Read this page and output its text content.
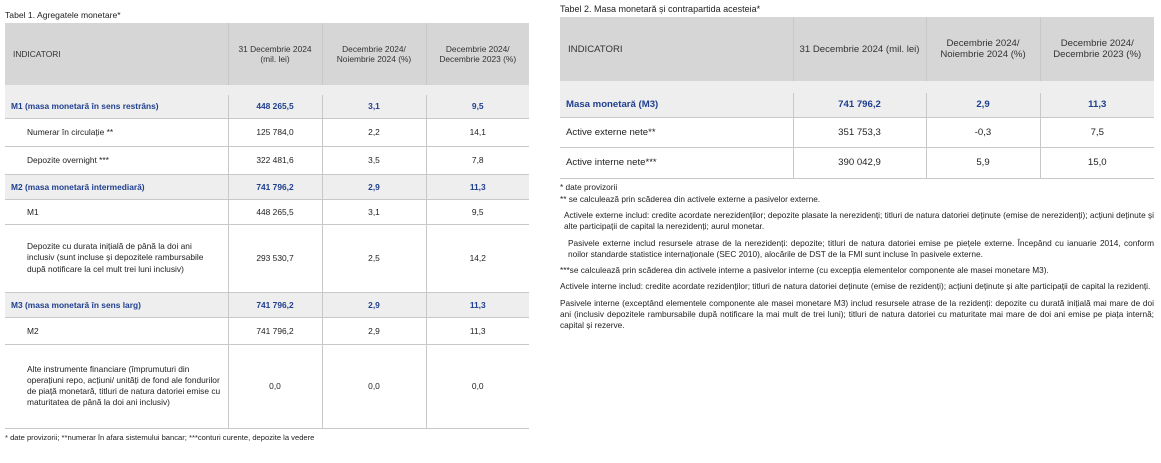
Tabel 1. Agregatele monetare*
INDICATORI	31 Decembrie 2024 (mil. lei)	Decembrie 2024/ Noiembrie 2024 (%)	Decembrie 2024/ Decembrie 2023 (%)

M1 (masa monetară în sens restrâns)	448 265,5	3,1	9,5
Numerar în circulație **	125 784,0	2,2	14,1
Depozite overnight ***	322 481,6	3,5	7,8
M2 (masa monetară intermediară)	741 796,2	2,9	11,3
M1	448 265,5	3,1	9,5
Depozite cu durata inițială de până la doi ani inclusiv (sunt incluse și depozitele rambursabile după notificare la cel mult trei luni inclusiv)	293 530,7	2,5	14,2
M3 (masa monetară în sens larg)	741 796,2	2,9	11,3
M2	741 796,2	2,9	11,3
Alte instrumente financiare (împrumuturi din operațiuni repo, acțiuni/ unități de fond ale fondurilor de piață monetară, titluri de natura datoriei emise cu maturitatea de până la doi ani inclusiv)	0,0	0,0	0,0
* date provizorii; **numerar în afara sistemului bancar; ***conturi curente, depozite la vedere
Tabel 2. Masa monetară și contrapartida acesteia*
INDICATORI	31 Decembrie 2024 (mil. lei)	Decembrie 2024/ Noiembrie 2024 (%)	Decembrie 2024/ Decembrie 2023 (%)

Masa monetară (M3)	741 796,2	2,9	11,3
Active externe nete**	351 753,3	-0,3	7,5
Active interne nete***	390 042,9	5,9	15,0

* date provizorii

** se calculează prin scăderea din activele externe a pasivelor externe.

Activele externe includ: credite acordate nerezidenților; depozite plasate la nerezidenți; titluri de natura datoriei deținute (emise de nerezidenți); acțiuni deținute și alte participații de capital la nerezidenți; aurul monetar.

Pasivele externe includ resursele atrase de la nerezidenți: depozite; titluri de natura datoriei emise pe piețele externe. Începând cu ianuarie 2014, conform noilor standarde statistice internaționale (SEC 2010), alocările de DST de la FMI sunt incluse în pasivele externe.

***se calculează prin scăderea din activele interne a pasivelor interne (cu excepția elementelor componente ale masei monetare M3).

Activele interne includ: credite acordate rezidenților; titluri de natura datoriei deținute (emise de rezidenți); acțiuni deținute și alte participații de capital la rezidenți.

Pasivele interne (exceptând elementele componente ale masei monetare M3) includ resursele atrase de la rezidenți: depozite cu durată inițială mai mare de doi ani (inclusiv depozitele rambursabile după notificare la mai mult de trei luni); titluri de natura datoriei cu maturitate mai mare de doi ani emise pe piața internă; capital și rezerve.
